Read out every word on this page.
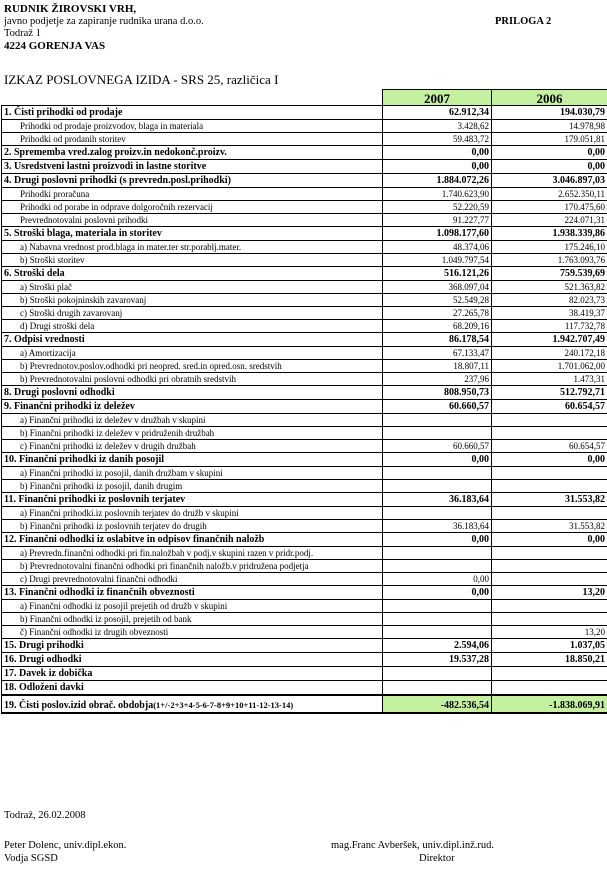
RUDNIK ŽIROVSKI VRH,
javno podjetje za zapiranje rudnika urana d.o.o.
Todraž 1
4224 GORENJA VAS
PRILOGA 2
IZKAZ POSLOVNEGA IZIDA - SRS 25, različica I
	2007	2006
1. Čisti prihodki od prodaje	62.912,34	194.030,79
Prihodki od prodaje proizvodov, blaga in materiala	3.428,62	14.978,98
Prihodki od prodanih storitev	59.483,72	179.051,81
2. Sprememba vred.zalog proizv.in nedokonč.proizv.	0,00	0,00
3. Usredstveni lastni proizvodi in lastne storitve	0,00	0,00
4. Drugi poslovni prihodki (s prevredn.posl.prihodki)	1.884.072,26	3.046.897,03
Prihodki proračuna	1.740.623,90	2.652.350,11
Prihodki od porabe in odprave dolgoročnih rezervacij	52.220,59	170.475,60
Prevrednotovalni poslovni prihodki	91.227,77	224.071,31
5. Stroški blaga, materiala in storitev	1.098.177,60	1.938.339,86
a) Nabavna vrednost prod.blaga in mater.ter str.porablj.mater.	48.374,06	175.246,10
b) Stroški storitev	1.049.797,54	1.763.093,76
6. Stroški dela	516.121,26	759.539,69
a) Stroški plač	368.097,04	521.363,82
b) Stroški pokojninskih zavarovanj	52.549,28	82.023,73
c) Stroški drugih zavarovanj	27.265,78	38.419,37
d) Drugi stroški dela	68.209,16	117.732,78
7. Odpisi vrednosti	86.178,54	1.942.707,49
a) Amortizacija	67.133,47	240.172,18
b) Prevrednotov.poslov.odhodki pri neopred. sred.in opred.osn. sredstvih	18.807,11	1.701.062,00
b) Prevrednotovalni poslovni odhodki pri obratnih sredstvih	237,96	1.473,31
8. Drugi poslovni odhodki	808.950,73	512.792,71
9. Finančni prihodki iz deležev	60.660,57	60.654,57
a) Finančni prihodki iz deležev v družbah v skupini		
b) Finančni prihodki iz deležev v pridruženih družbah		
c) Finančni prihodki iz deležev v drugih družbah	60.660,57	60.654,57
10. Finančni prihodki iz danih posojil	0,00	0,00
a) Finančni prihodki iz posojil, danih družbam v skupini		
b) Finančni prihodki iz posojil, danih drugim		
11. Finančni prihodki iz poslovnih terjatev	36.183,64	31.553,82
a) Finančni prihodki.iz poslovnih terjatev do družb v skupini		
b) Finančni prihodki iz poslovnih terjatev do drugih	36.183,64	31.553,82
12. Finančni odhodki iz oslabitve in odpisov finančnih naložb	0,00	0,00
a) Prevredn.finančni odhodki pri fin.naložbah v podj.v skupini razen v pridr.podj.		
b) Prevrednotovalni finančni odhodki pri finančnih naložb.v pridružena podjetja		
c) Drugi prevrednotovalni finančni odhodki	0,00	
13. Finančni odhodki iz finančnih obveznosti	0,00	13,20
a) Finančni odhodki iz posojil prejetih od družb v skupini		
b) Finančni odhodki iz posojil, prejetih od bank		
č) Finančni odhodki iz drugih obveznosti		13,20
15. Drugi prihodki	2.594,06	1.037,05
16. Drugi odhodki	19.537,28	18.850,21
17. Davek iz dobička		
18. Odloženi davki		
19. Čisti poslov.izid obrač. obdobja(1+/-2+3+4-5-6-7-8+9+10+11-12-13-14)	-482.536,54	-1.838.069,91
Todraž, 26.02.2008
Peter Dolenc, univ.dipl.ekon.
Vodja SGSD
mag.Franc Avberšek, univ.dipl.inž.rud.
Direktor
